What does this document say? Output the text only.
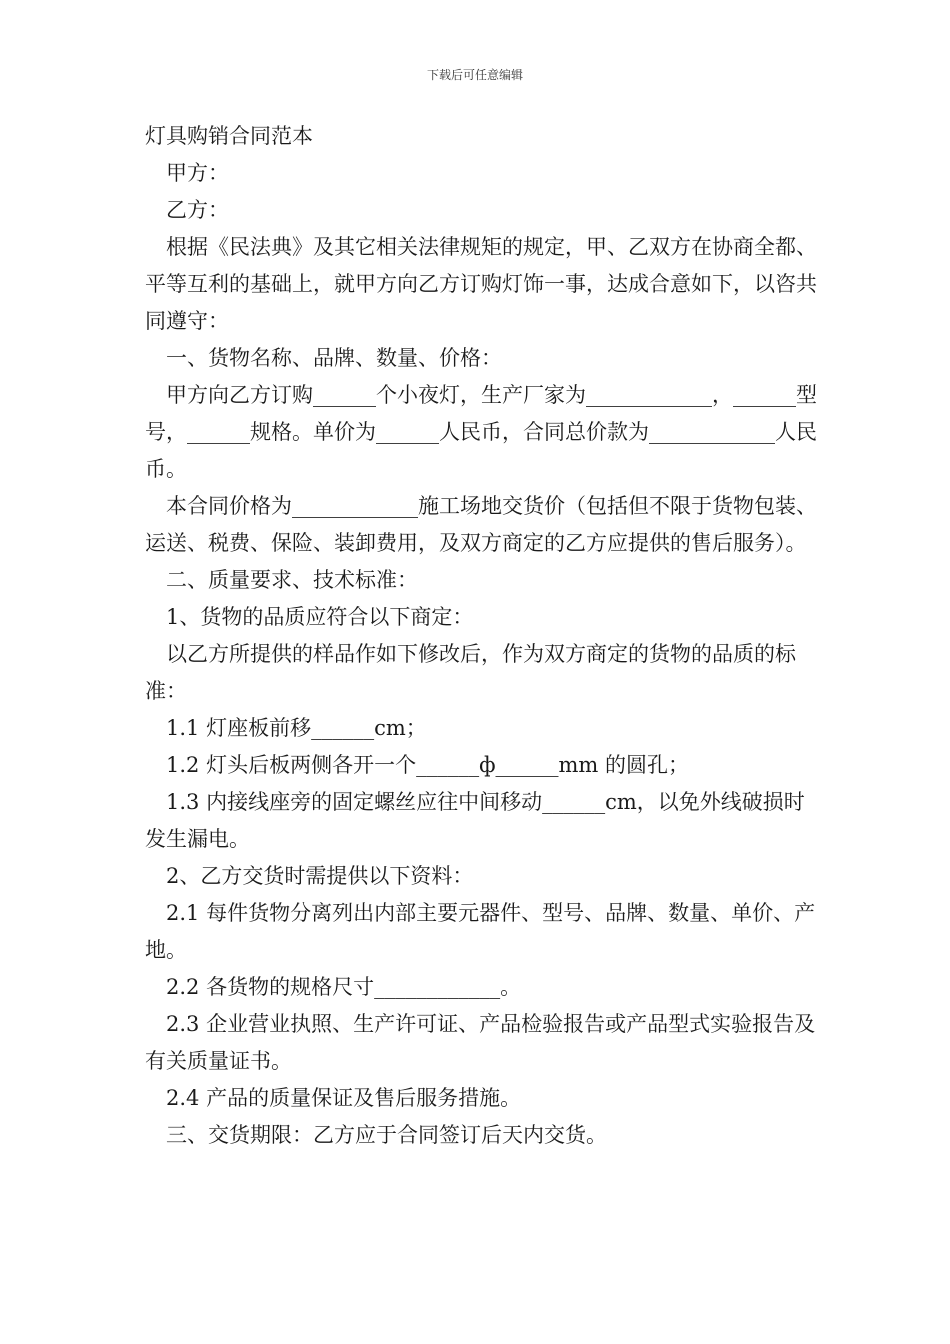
下载后可任意编辑
灯具购销合同范本

甲方：

乙方：

根据《民法典》及其它相关法律规矩的规定，甲、乙双方在协商全都、平等互利的基础上，就甲方向乙方订购灯饰一事，达成合意如下，以咨共同遵守：

一、货物名称、品牌、数量、价格：

甲方向乙方订购______个小夜灯，生产厂家为____________，______型号，______规格。单价为______人民币，合同总价款为____________人民币。

本合同价格为____________施工场地交货价（包括但不限于货物包装、运送、税费、保险、装卸费用，及双方商定的乙方应提供的售后服务）。

二、质量要求、技术标准：

1、货物的品质应符合以下商定：

以乙方所提供的样品作如下修改后，作为双方商定的货物的品质的标准：

1.1 灯座板前移______cm；

1.2 灯头后板两侧各开一个______ф______mm 的圆孔；

1.3 内接线座旁的固定螺丝应往中间移动______cm，以免外线破损时发生漏电。

2、乙方交货时需提供以下资料：

2.1 每件货物分离列出内部主要元器件、型号、品牌、数量、单价、产地。

2.2 各货物的规格尺寸____________。

2.3 企业营业执照、生产许可证、产品检验报告或产品型式实验报告及有关质量证书。

2.4 产品的质量保证及售后服务措施。

三、交货期限：乙方应于合同签订后天内交货。
